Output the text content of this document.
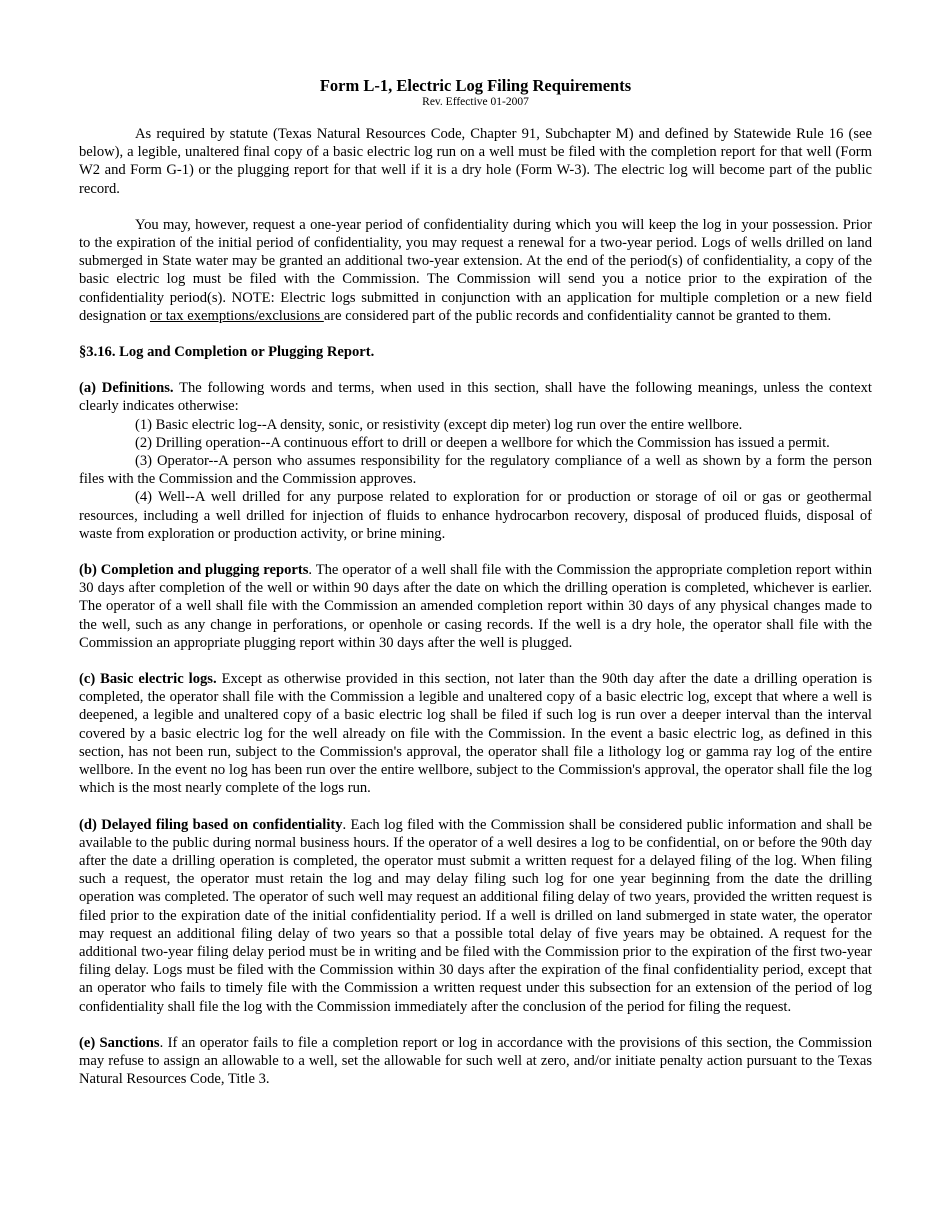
Form L-1, Electric Log Filing Requirements
Rev. Effective 01-2007

As required by statute (Texas Natural Resources Code, Chapter 91, Subchapter M) and defined by Statewide Rule 16 (see below), a legible, unaltered final copy of a basic electric log run on a well must be filed with the completion report for that well (Form W2 and Form G-1) or the plugging report for that well if it is a dry hole (Form W-3). The electric log will become part of the public record.

You may, however, request a one-year period of confidentiality during which you will keep the log in your possession. Prior to the expiration of the initial period of confidentiality, you may request a renewal for a two-year period. Logs of wells drilled on land submerged in State water may be granted an additional two-year extension. At the end of the period(s) of confidentiality, a copy of the basic electric log must be filed with the Commission. The Commission will send you a notice prior to the expiration of the confidentiality period(s). NOTE: Electric logs submitted in conjunction with an application for multiple completion or a new field designation or tax exemptions/exclusions are considered part of the public records and confidentiality cannot be granted to them.

§3.16. Log and Completion or Plugging Report.

(a) Definitions. The following words and terms, when used in this section, shall have the following meanings, unless the context clearly indicates otherwise:

(1) Basic electric log--A density, sonic, or resistivity (except dip meter) log run over the entire wellbore.

(2) Drilling operation--A continuous effort to drill or deepen a wellbore for which the Commission has issued a permit.

(3) Operator--A person who assumes responsibility for the regulatory compliance of a well as shown by a form the person files with the Commission and the Commission approves.

(4) Well--A well drilled for any purpose related to exploration for or production or storage of oil or gas or geothermal resources, including a well drilled for injection of fluids to enhance hydrocarbon recovery, disposal of produced fluids, disposal of waste from exploration or production activity, or brine mining.

(b) Completion and plugging reports. The operator of a well shall file with the Commission the appropriate completion report within 30 days after completion of the well or within 90 days after the date on which the drilling operation is completed, whichever is earlier. The operator of a well shall file with the Commission an amended completion report within 30 days of any physical changes made to the well, such as any change in perforations, or openhole or casing records. If the well is a dry hole, the operator shall file with the Commission an appropriate plugging report within 30 days after the well is plugged.

(c) Basic electric logs. Except as otherwise provided in this section, not later than the 90th day after the date a drilling operation is completed, the operator shall file with the Commission a legible and unaltered copy of a basic electric log, except that where a well is deepened, a legible and unaltered copy of a basic electric log shall be filed if such log is run over a deeper interval than the interval covered by a basic electric log for the well already on file with the Commission. In the event a basic electric log, as defined in this section, has not been run, subject to the Commission's approval, the operator shall file a lithology log or gamma ray log of the entire wellbore. In the event no log has been run over the entire wellbore, subject to the Commission's approval, the operator shall file the log which is the most nearly complete of the logs run.

(d) Delayed filing based on confidentiality. Each log filed with the Commission shall be considered public information and shall be available to the public during normal business hours. If the operator of a well desires a log to be confidential, on or before the 90th day after the date a drilling operation is completed, the operator must submit a written request for a delayed filing of the log. When filing such a request, the operator must retain the log and may delay filing such log for one year beginning from the date the drilling operation was completed. The operator of such well may request an additional filing delay of two years, provided the written request is filed prior to the expiration date of the initial confidentiality period. If a well is drilled on land submerged in state water, the operator may request an additional filing delay of two years so that a possible total delay of five years may be obtained. A request for the additional two-year filing delay period must be in writing and be filed with the Commission prior to the expiration of the first two-year filing delay. Logs must be filed with the Commission within 30 days after the expiration of the final confidentiality period, except that an operator who fails to timely file with the Commission a written request under this subsection for an extension of the period of log confidentiality shall file the log with the Commission immediately after the conclusion of the period for filing the request.

(e) Sanctions. If an operator fails to file a completion report or log in accordance with the provisions of this section, the Commission may refuse to assign an allowable to a well, set the allowable for such well at zero, and/or initiate penalty action pursuant to the Texas Natural Resources Code, Title 3.
